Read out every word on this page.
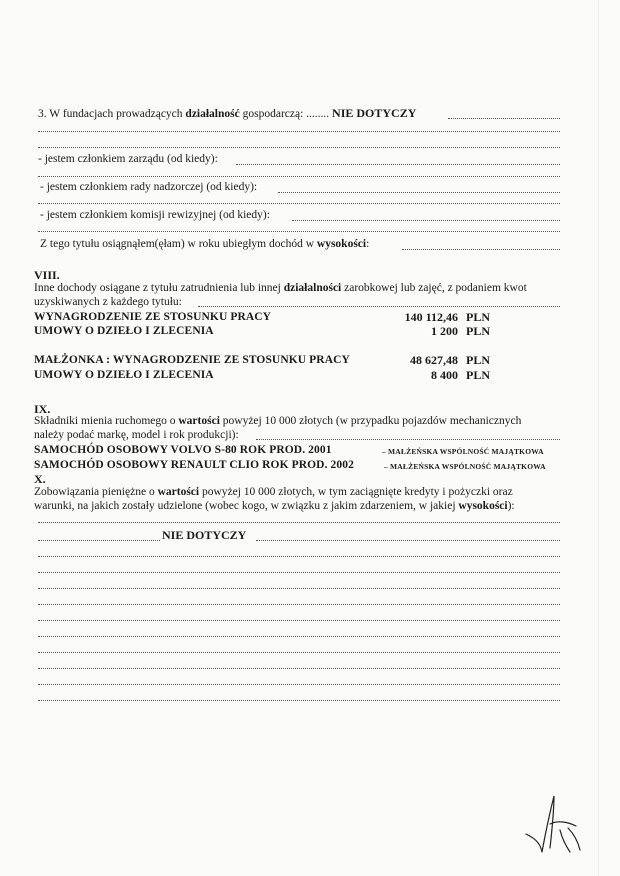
3. W fundacjach prowadzących działalność gospodarczą: ........ NIE DOTYCZY
- jestem członkiem zarządu (od kiedy):
- jestem członkiem rady nadzorczej (od kiedy):
- jestem członkiem komisji rewizyjnej (od kiedy):
Z tego tytułu osiągnąłem(ęłam) w roku ubiegłym dochód w wysokości:
VIII.
Inne dochody osiągane z tytułu zatrudnienia lub innej działalności zarobkowej lub zajęć, z podaniem kwot
uzyskiwanych z każdego tytułu:
WYNAGRODZENIE ZE STOSUNKU PRACY	140 112,46 PLN
UMOWY O DZIEŁO I ZLECENIA	1 200 PLN
MAŁŻONKA : WYNAGRODZENIE ZE STOSUNKU PRACY	48 627,48 PLN
UMOWY O DZIEŁO I ZLECENIA	8 400 PLN
IX.
Składniki mienia ruchomego o wartości powyżej 10 000 złotych (w przypadku pojazdów mechanicznych
należy podać markę, model i rok produkcji):
SAMOCHÓD OSOBOWY VOLVO S-80 ROK PROD. 2001	– MAŁŻEŃSKA WSPÓLNOŚĆ MAJĄTKOWA
SAMOCHÓD OSOBOWY RENAULT CLIO ROK PROD. 2002	– MAŁŻEŃSKA WSPÓLNOŚĆ MAJĄTKOWA
X.
Zobowiązania pieniężne o wartości powyżej 10 000 złotych, w tym zaciągnięte kredyty i pożyczki oraz
warunki, na jakich zostały udzielone (wobec kogo, w związku z jakim zdarzeniem, w jakiej wysokości):
NIE DOTYCZY
